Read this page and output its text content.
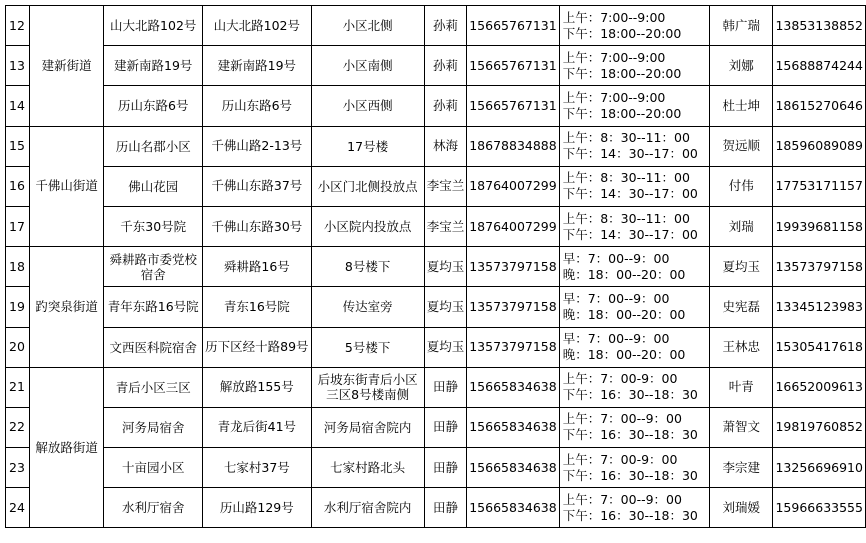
12	建新街道	山大北路102号	山大北路102号	小区北侧	孙莉	15665767131	上午：7:00--9:00
下午：18:00--20:00	韩广瑞	13853138852
13		建新南路19号	建新南路19号	小区南侧	孙莉	15665767131	上午：7:00--9:00
下午：18:00--20:00	刘娜	15688874244
14		历山东路6号	历山东路6号	小区西侧	孙莉	15665767131	上午：7:00--9:00
下午：18:00--20:00	杜士坤	18615270646
15	千佛山街道	历山名郡小区	千佛山路2-13号	17号楼	林海	18678834888	上午：8：30--11：00
下午：14：30--17：00	贺远顺	18596089089
16		佛山花园	千佛山东路37号	小区门北侧投放点	李宝兰	18764007299	上午：8：30--11：00
下午：14：30--17：00	付伟	17753171157
17		千东30号院	千佛山东路30号	小区院内投放点	李宝兰	18764007299	上午：8：30--11：00
下午：14：30--17：00	刘瑞	19939681158
18	趵突泉街道	舜耕路市委党校宿舍	舜耕路16号	8号楼下	夏均玉	13573797158	早：7：00--9：00
晚：18：00--20：00	夏均玉	13573797158
19		青年东路16号院	青东16号院	传达室旁	夏均玉	13573797158	早：7：00--9：00
晚：18：00--20：00	史宪磊	13345123983
20		文西医科院宿舍	历下区经十路89号	5号楼下	夏均玉	13573797158	早：7：00--9：00
晚：18：00--20：00	王林忠	15305417618
21	解放路街道	青后小区三区	解放路155号	后坡东街青后小区三区8号楼南侧	田静	15665834638	上午：7：00-9：00
下午：16：30--18：30	叶青	16652009613
22		河务局宿舍	青龙后街41号	河务局宿舍院内	田静	15665834638	上午：7：00--9：00
下午：16：30--18：30	萧智文	19819760852
23		十亩园小区	七家村37号	七家村路北头	田静	15665834638	上午：7：00-9：00
下午：16：30--18：30	李宗建	13256696910
24		水利厅宿舍	历山路129号	水利厅宿舍院内	田静	15665834638	上午：7：00--9：00
下午：16：30--18：30	刘瑞媛	15966633555
